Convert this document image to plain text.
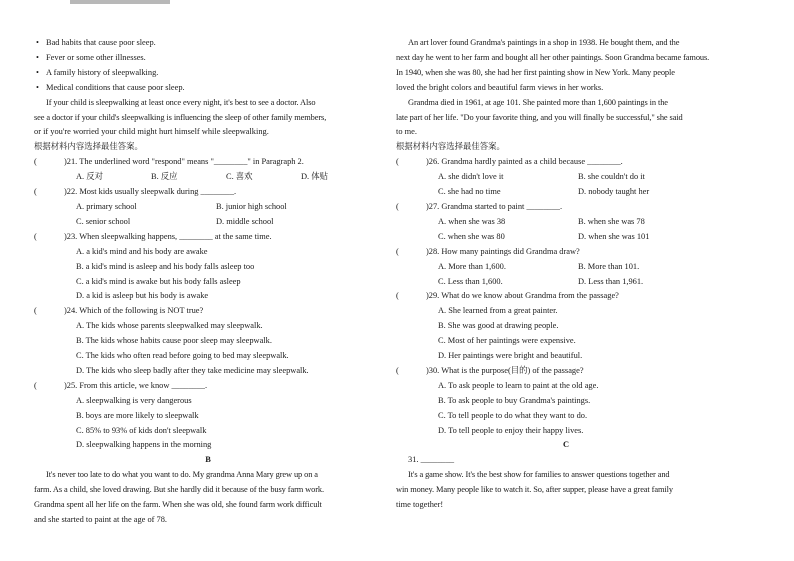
• Bad habits that cause poor sleep.
• Fever or some other illnesses.
• A family history of sleepwalking.
• Medical conditions that cause poor sleep.
If your child is sleepwalking at least once every night, it's best to see a doctor. Also
see a doctor if your child's sleepwalking is influencing the sleep of other family members,
or if you're worried your child might hurt himself while sleepwalking.
根据材料内容选择最佳答案。
(	)21. The underlined word "respond" means "________" in Paragraph 2.
A. 反对	B. 反应	C. 喜欢	D. 体贴
(	)22. Most kids usually sleepwalk during ________.
A. primary school	B. junior high school
C. senior school	D. middle school
(	)23. When sleepwalking happens, ________ at the same time.
A. a kid's mind and his body are awake
B. a kid's mind is asleep and his body falls asleep too
C. a kid's mind is awake but his body falls asleep
D. a kid is asleep but his body is awake
(	)24. Which of the following is NOT true?
A. The kids whose parents sleepwalked may sleepwalk.
B. The kids whose habits cause poor sleep may sleepwalk.
C. The kids who often read before going to bed may sleepwalk.
D. The kids who sleep badly after they take medicine may sleepwalk.
(	)25. From this article, we know ________.
A. sleepwalking is very dangerous
B. boys are more likely to sleepwalk
C. 85% to 93% of kids don't sleepwalk
D. sleepwalking happens in the morning
B
It's never too late to do what you want to do. My grandma Anna Mary grew up on a
farm. As a child, she loved drawing. But she hardly did it because of the busy farm work.
Grandma spent all her life on the farm. When she was old, she found farm work difficult
and she started to paint at the age of 78.
An art lover found Grandma's paintings in a shop in 1938. He bought them, and the
next day he went to her farm and bought all her other paintings. Soon Grandma became famous.
In 1940, when she was 80, she had her first painting show in New York. Many people
loved the bright colors and beautiful farm views in her works.
Grandma died in 1961, at age 101. She painted more than 1,600 paintings in the
late part of her life. "Do your favorite thing, and you will finally be successful," she said
to me.
根据材料内容选择最佳答案。
(	)26. Grandma hardly painted as a child because ________.
A. she didn't love it	B. she couldn't do it
C. she had no time	D. nobody taught her
(	)27. Grandma started to paint ________.
A. when she was 38	B. when she was 78
C. when she was 80	D. when she was 101
(	)28. How many paintings did Grandma draw?
A. More than 1,600.	B. More than 101.
C. Less than 1,600.	D. Less than 1,961.
(	)29. What do we know about Grandma from the passage?
A. She learned from a great painter.
B. She was good at drawing people.
C. Most of her paintings were expensive.
D. Her paintings were bright and beautiful.
(	)30. What is the purpose(目的) of the passage?
A. To ask people to learn to paint at the old age.
B. To ask people to buy Grandma's paintings.
C. To tell people to do what they want to do.
D. To tell people to enjoy their happy lives.
C
31. ________
It's a game show. It's the best show for families to answer questions together and
win money. Many people like to watch it. So, after supper, please have a great family
time together!
